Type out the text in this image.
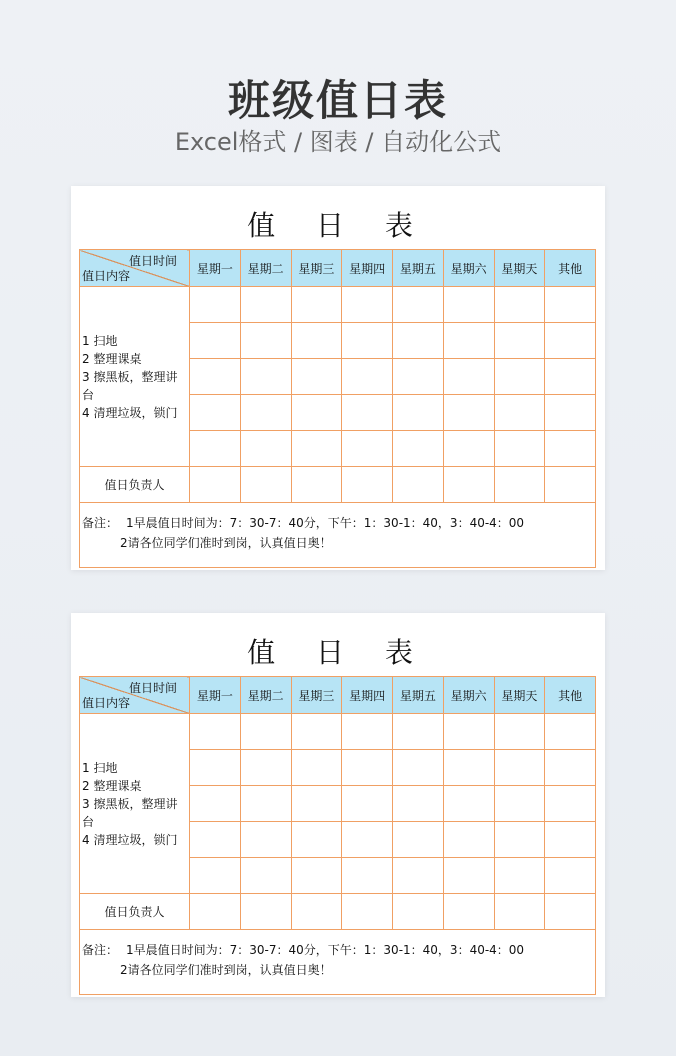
班级值日表
Excel格式 / 图表 / 自动化公式
值 日 表
值日时间
值日内容	星期一	星期二	星期三	星期四	星期五	星期六	星期天	其他

1 扫地
2 整理课桌
3 擦黑板，整理讲台
4 清理垃圾，锁门								

值日负责人								

备注： 1早晨值日时间为：7：30-7：40分，下午：1：30-1：40，3：40-4：00
2请各位同学们准时到岗，认真值日奥！								
值 日 表
值日时间
值日内容	星期一	星期二	星期三	星期四	星期五	星期六	星期天	其他

1 扫地
2 整理课桌
3 擦黑板，整理讲台
4 清理垃圾，锁门								

值日负责人								

备注： 1早晨值日时间为：7：30-7：40分，下午：1：30-1：40，3：40-4：00
2请各位同学们准时到岗，认真值日奥！								
